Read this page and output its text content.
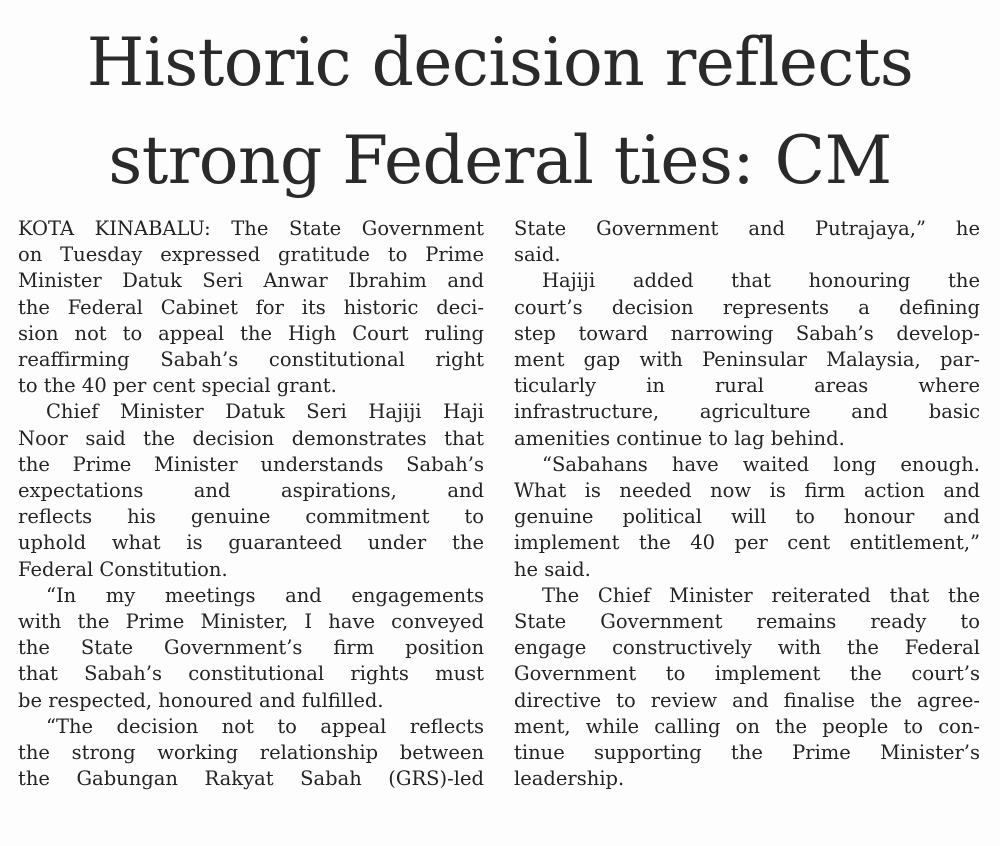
Historic decision reflects
strong Federal ties: CM
KOTA KINABALU: The State Government
on Tuesday expressed gratitude to Prime
Minister Datuk Seri Anwar Ibrahim and
the Federal Cabinet for its historic deci-
sion not to appeal the High Court ruling
reaffirming Sabah’s constitutional right
to the 40 per cent special grant.
Chief Minister Datuk Seri Hajiji Haji
Noor said the decision demonstrates that
the Prime Minister understands Sabah’s
expectations and aspirations, and
reflects his genuine commitment to
uphold what is guaranteed under the
Federal Constitution.
“In my meetings and engagements
with the Prime Minister, I have conveyed
the State Government’s firm position
that Sabah’s constitutional rights must
be respected, honoured and fulfilled.
“The decision not to appeal reflects
the strong working relationship between
the Gabungan Rakyat Sabah (GRS)-led
State Government and Putrajaya,” he
said.
Hajiji added that honouring the
court’s decision represents a defining
step toward narrowing Sabah’s develop-
ment gap with Peninsular Malaysia, par-
ticularly in rural areas where
infrastructure, agriculture and basic
amenities continue to lag behind.
“Sabahans have waited long enough.
What is needed now is firm action and
genuine political will to honour and
implement the 40 per cent entitlement,”
he said.
The Chief Minister reiterated that the
State Government remains ready to
engage constructively with the Federal
Government to implement the court’s
directive to review and finalise the agree-
ment, while calling on the people to con-
tinue supporting the Prime Minister’s
leadership.
